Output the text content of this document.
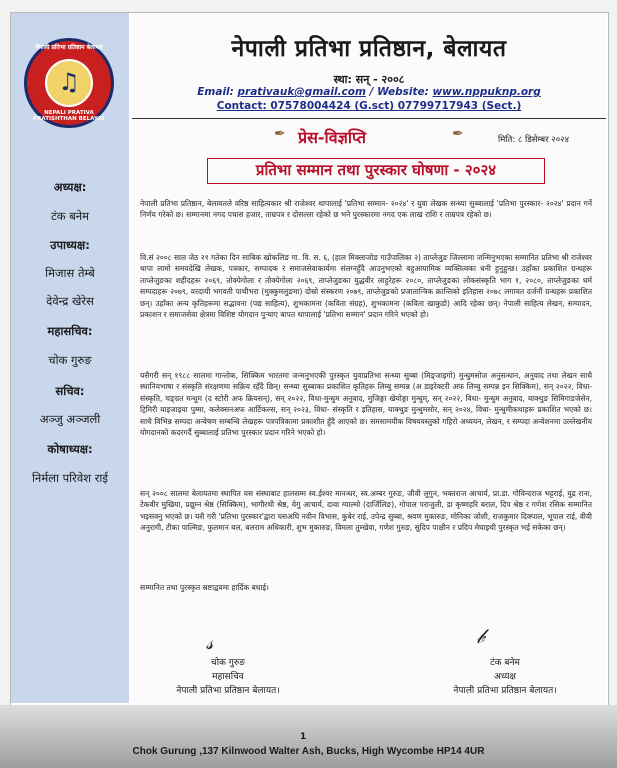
नेपाली प्रतिभा प्रतिष्ठान बेलायत
♫
NEPALI PRATIVA PRATISHTHAN BELAYAT
अध्यक्ष:
टंक बनेम
उपाध्यक्ष:
मिजास तेम्बे
देवेन्द्र खेरेस
महासचिव:
चोक गुरुङ
सचिव:
अञ्जु अञ्जली
कोषाध्यक्ष:
निर्मला परिवेश राई
नेपाली प्रतिभा प्रतिष्ठान, बेलायत
स्था: सन् - २००८
Email: prativauk@gmail.com / Website: www.nppuknp.org
Contact: 07578004424 (G.sct) 07799717943 (Sect.)
✒ प्रेस-विज्ञप्ति	✒	मिति: ८ डिसेम्बर २०२४
प्रतिभा सम्मान तथा पुरस्कार घोषणा - २०२४
नेपाली प्रतिभा प्रतिष्ठान, बेलायतले वरिष्ठ साहित्यकार श्री राजेश्वर थापालाई 'प्रतिभा सम्मान- २०२४' र युवा लेखक सन्ध्या सुब्बालाई 'प्रतिभा पुरस्कार- २०२४' प्रदान गर्ने निर्णय गरेको छ। सम्मानमा नगद पचास हजार, ताम्रपत्र र दोसल्ला रहेको छ भने पुरस्कारमा नगद एक लाख राशि र ताम्रपत्र रहेको छ।
वि.सं २००८ साल जेठ २१ गतेका दिन साबिक खोकलिङ गा. वि. स. ६, (हाल मिक्लाजोङ गाउँपालिका २) ताप्लेजुङ जिल्लामा जन्मिनुभएका सम्मानित प्रतिभा श्री राजेश्वर थापा लामो समयदेखि लेखक, पत्रकार, सम्पादक र समाजसेवाकार्यमा संलग्नहुँदै आउनुभएको बहुआयामिक व्यक्तित्वका धनी हुनुहुन्छ। उहाँका प्रकाशित ग्रन्थहरू ताप्लेजुङका शहीदहरू २०६९, तोक्पेगोला र तोक्पेगोला २०६९, ताप्लेजुङका युद्धवीर लाहुरेहरू २०८०, ताप्लेजुङका लोकसंस्कृति भाग १, २०८०, ताप्लेजुङका धर्म सम्पदाहरू २०७९, वरदायी भगवती पाथीभरा (मुक्कुमलुङमा) दोस्रो संस्करण २०७९, ताप्लेजुङको प्रजातान्त्रिक क्रान्तिको इतिहास २०७८ लगायत दर्जनौं ग्रन्थहरू प्रकाशित छन्। उहाँका अन्य कृतिहरूमा सद्भावना (पद्य साहित्य), शुभकामना (कविता संग्रह), शुभकामना (कविता खाकुडो) आदि रहेका छन्। नेपाली साहित्य लेखन, सम्पादन, प्रकाशन र समाजसेवा क्षेत्रमा विशिष्ट योगदान पुऱ्याए बापत थापालाई 'प्रतिभा सम्मान' प्रदान गरिने भएको हो।
यसैगरी सन् १९८८ सालमा गान्तोक, सिक्किम भारतमा जन्मनुभएकी पुरस्कृत युवाप्रतिभा सन्ध्या सुब्बा (मिङ्जाइगो) मुन्धुमसोज अनुसन्धान, अनुवाद तथा लेखन साथै स्थानियभाषा र संस्कृति संरक्षणमा सक्रिय रहँदै छिन्। सन्ध्या सुब्बाका प्रकाशित कृतिहरू लिम्बु सम्पन्न (अ डाइरेक्टरी अफ लिम्बु सम्पन्न इन सिक्किम), सन् २०२२, विधा-संस्कृति, चङ्ग्रत मन्धुम (द स्टोरी अफ क्रियसन्), सन् २०२२, विधा-मुन्धुम अनुवाद, मुजिङ्गा खेयोङ्गा मुन्धुम्, सन् २०२२, विधा- मुन्धुम अनुवाद, याक्थुङ सिमिगाडजेसेन, ट्रिमिरी याइजाइया पुम्मा, कलेक्सनअफ आर्टिकल्स, सन् २०२३, विधा- संस्कृति र इतिहास, याक्थुङ मुन्धुमसोर, सन् २०२४, विधा- मुन्धुमीकथाहरू प्रकाशित भएको छ। साथै विभिन्न सम्पदा अन्वेषण सम्बन्धि लेखहरू पत्रपत्रिकामा प्रकाशीत हुँदै आएको छ। समसामयीक विषयवस्तुको गहिरो अध्ययन, लेखन, र सम्पदा अन्वेशनमा उल्लेखनीय योगदानको कदरगर्दै सुब्बालाई प्रतिभा पुरस्कार प्रदान गरिने भएको हो।
सन् २००८ सालमा बेलायतमा स्थापित यस संस्थाबाट हालसम्म स्व.ईश्वर मानन्धर, स्व.अम्बर गुरुङ, जीवी लुगुन, भक्तराज आचार्य, प्रा.डा. गोविन्दराज भट्टराई, युद्र राना, टेकवीर मुखिया, प्रद्युम्न श्रेष्ठ (सिक्किम), भागीरथी श्रेष्ठ, येगु आचार्य, दावा ग्याल्मो (दार्जिलिङ), गोपाल पराजुली, डा कृष्णहरि बराल, दिप श्रेष्ठ र गणेश रसिक सम्मानित भइसक्नु भएको छ। यसै गरी 'प्रतिभा पुरस्कार'द्वारा यसअघि नवीन विभास, कुबेर राई, उपेन्द्र सुब्बा, श्रवण मुकारुङ, मोनिका जोशी, राजकुमार दिक्पाल, भूपाल राई, वीवी अनुरागी, टीका पाल्मिङ, फुलमान बल, बलराम अधिकारी, शुभ मुकारुङ, विमला तुम्खेवा, गणेश गुरुङ, सुदिप पाक्षीन र प्रदिप मेघाइथी पुरस्कृत भई सकेका छन्।
सम्मानित तथा पुरस्कृत स्रष्टाद्वयमा हार्दिक बधाई।
𝓈
चोक गुरुङ
महासचिव
नेपाली प्रतिभा प्रतिष्ठान बेलायत।
𝒷
टंक बनेम
अध्यक्ष
नेपाली प्रतिभा प्रतिष्ठान बेलायत।
1
Chok Gurung ,137 Kilnwood Walter Ash, Bucks, High Wycombe HP14 4UR
